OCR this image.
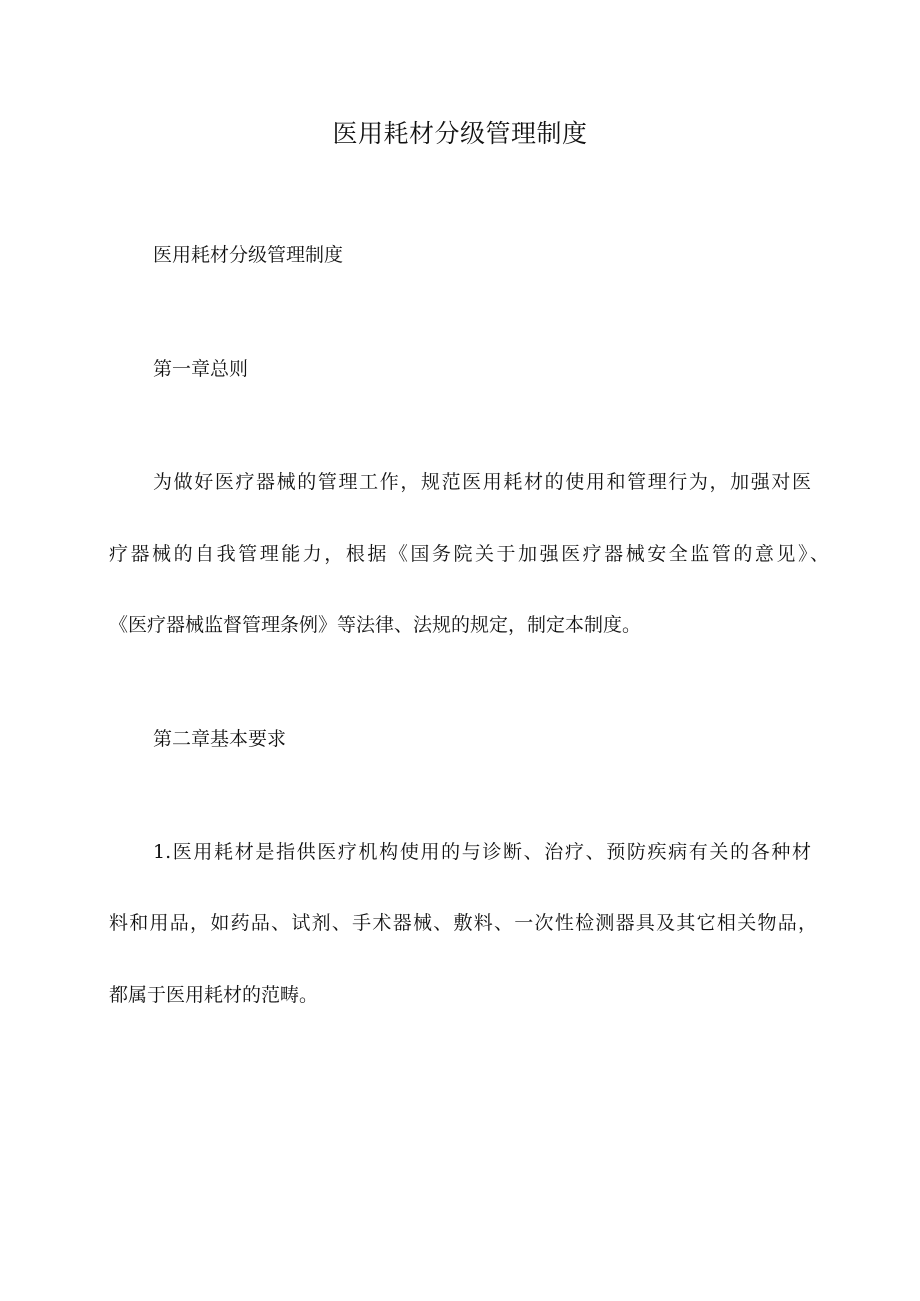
医用耗材分级管理制度

医用耗材分级管理制度

第一章总则

为做好医疗器械的管理工作，规范医用耗材的使用和管理行为，加强对医

疗器械的自我管理能力，根据《国务院关于加强医疗器械安全监管的意见》、

《医疗器械监督管理条例》等法律、法规的规定，制定本制度。

第二章基本要求

1.医用耗材是指供医疗机构使用的与诊断、治疗、预防疾病有关的各种材

料和用品，如药品、试剂、手术器械、敷料、一次性检测器具及其它相关物品，

都属于医用耗材的范畴。
